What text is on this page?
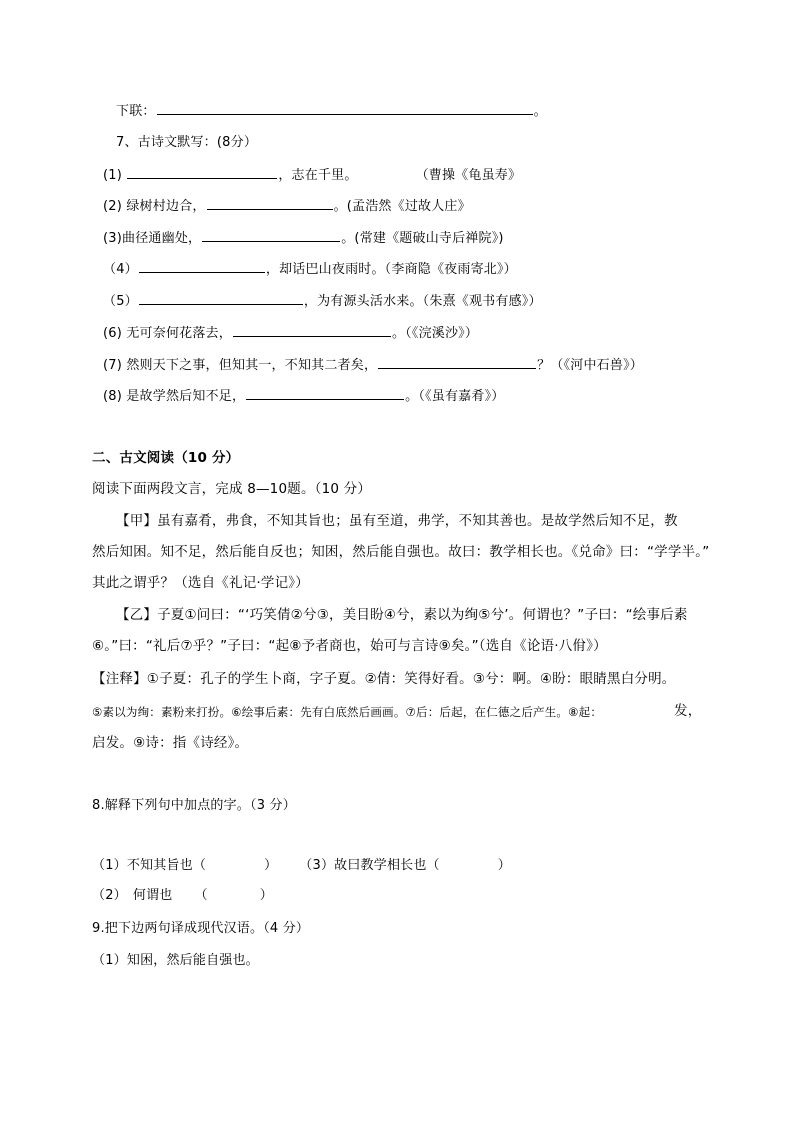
下联：	。
7、古诗文默写：(8分）
(1)	，志在千里。	（曹操《龟虽寿》
(2) 绿树村边合，	。(孟浩然《过故人庄》
(3)曲径通幽处，	。(常建《题破山寺后禅院》)
（4）	，却话巴山夜雨时。（李商隐《夜雨寄北》）
（5）	，为有源头活水来。（朱熹《观书有感》）
(6) 无可奈何花落去，	。（《浣溪沙》）
(7) 然则天下之事，但知其一，不知其二者矣，	？（《河中石兽》）
(8) 是故学然后知不足，	。（《虽有嘉肴》）
二、古文阅读（10 分）
阅读下面两段文言，完成 8—10题。（10 分）
【甲】虽有嘉肴，弗食，不知其旨也；虽有至道，弗学，不知其善也。是故学然后知不足，教
然后知困。知不足，然后能自反也；知困，然后能自强也。故曰：教学相长也。《兑命》曰：“学学半。”
其此之谓乎？（选自《礼记·学记》）
【乙】子夏①问曰：“‘巧笑倩②兮③，美目盼④兮，素以为绚⑤兮’。何谓也？”子曰：“绘事后素
⑥。”曰：“礼后⑦乎？”子曰：“起⑧予者商也，始可与言诗⑨矣。”（选自《论语·八佾》）
【注释】①子夏：孔子的学生卜商，字子夏。②倩：笑得好看。③兮：啊。④盼：眼睛黑白分明。
⑤素以为绚：素粉来打扮。⑥绘事后素：先有白底然后画画。⑦后：后起，在仁德之后产生。⑧起：	发，
启发。⑨诗：指《诗经》。
8.解释下列句中加点的字。（3 分）
（1）不知其旨也（	） （3）故曰教学相长也（	）
（2） 何谓也 （	）
9.把下边两句译成现代汉语。（4 分）
（1）知困，然后能自强也。
